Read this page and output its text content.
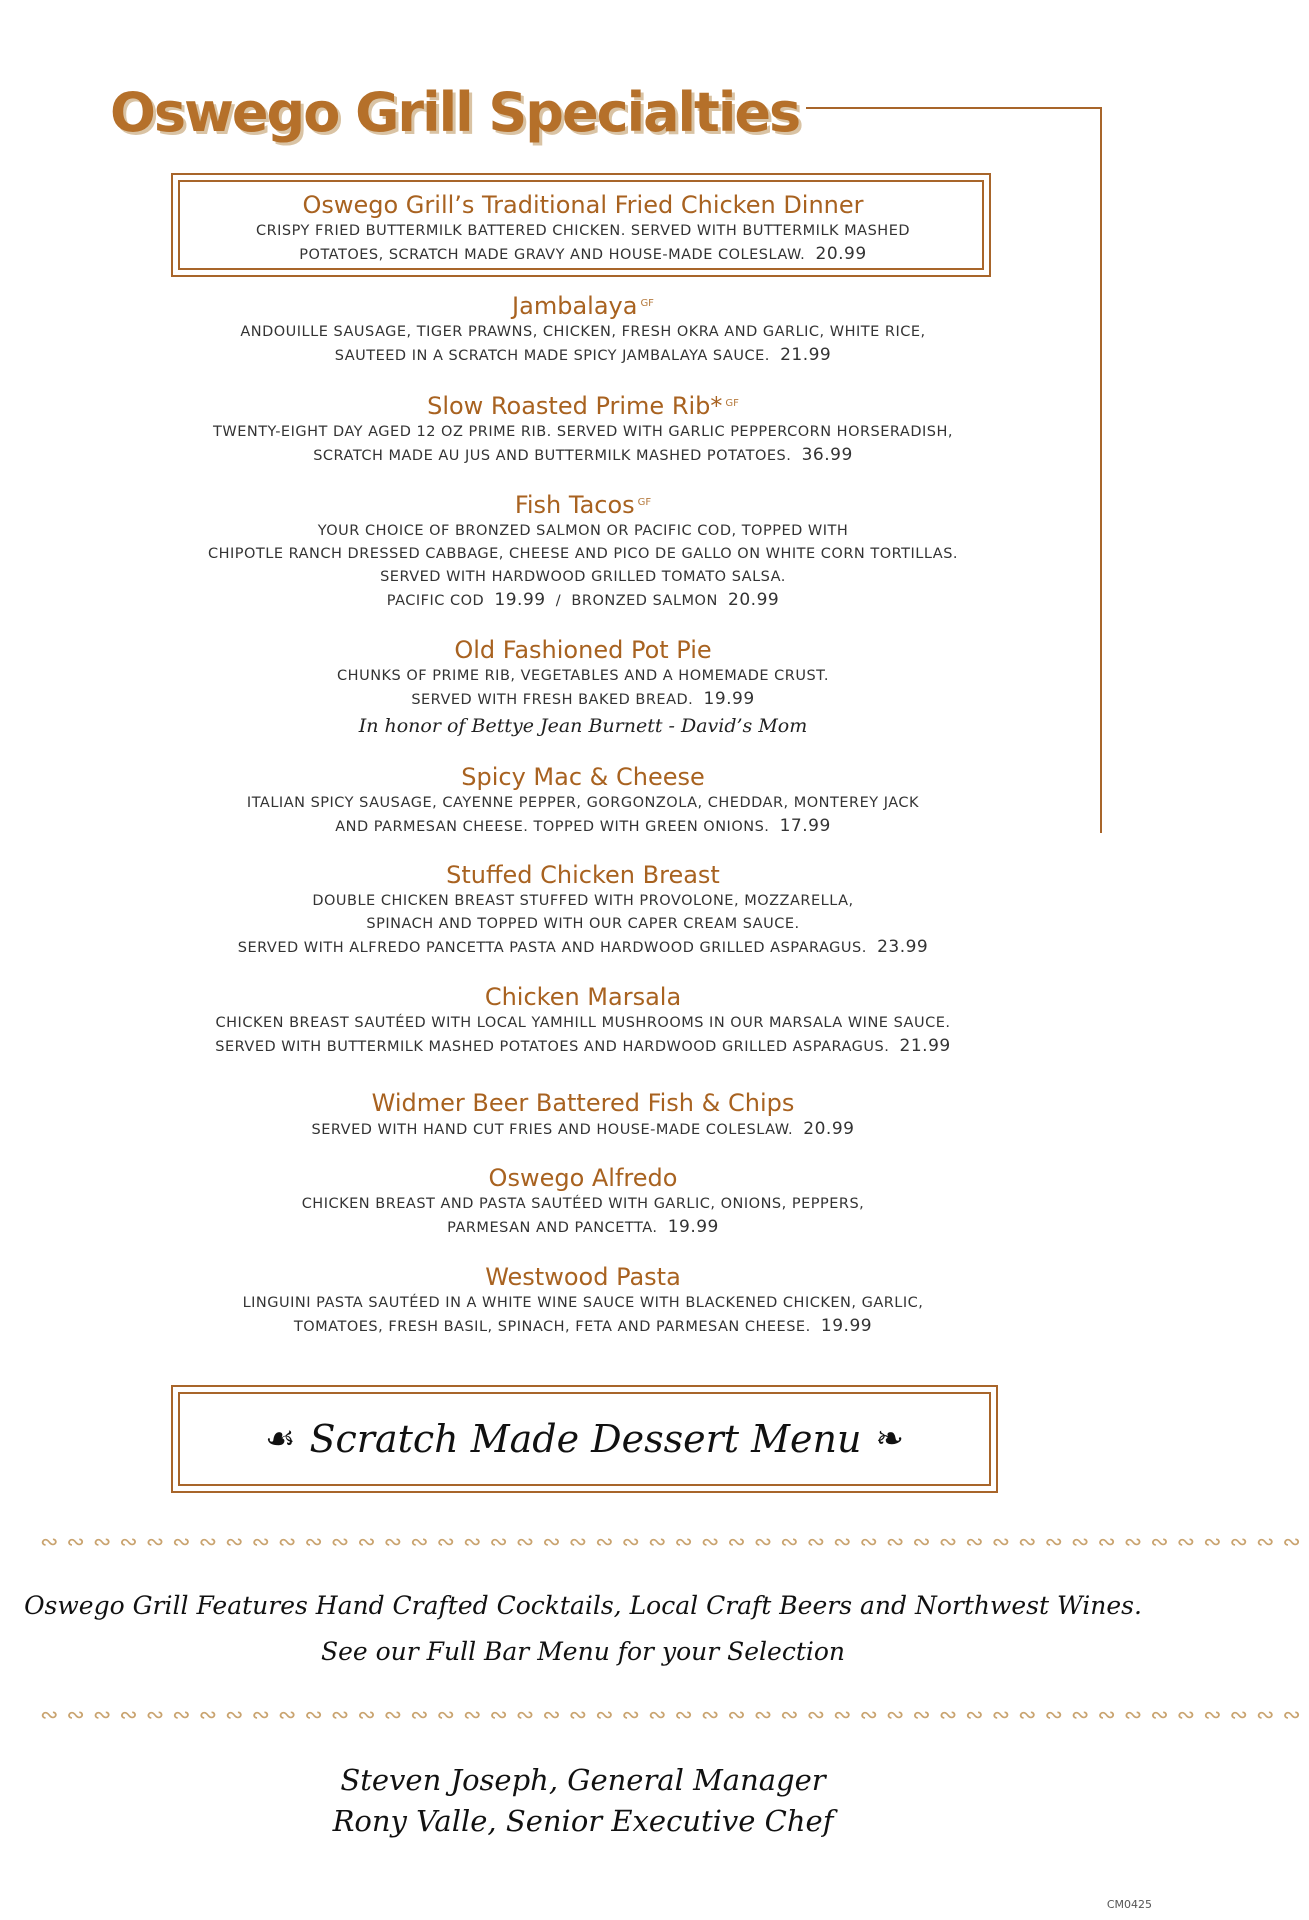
Oswego Grill Specialties
Oswego Grill’s Traditional Fried Chicken Dinner
CRISPY FRIED BUTTERMILK BATTERED CHICKEN. SERVED WITH BUTTERMILK MASHED
POTATOES, SCRATCH MADE GRAVY AND HOUSE-MADE COLESLAW. 20.99
Jambalaya $^{GF}$
ANDOUILLE SAUSAGE, TIGER PRAWNS, CHICKEN, FRESH OKRA AND GARLIC, WHITE RICE,
SAUTEED IN A SCRATCH MADE SPICY JAMBALAYA SAUCE. 21.99
Slow Roasted Prime Rib* $^{GF}$
TWENTY-EIGHT DAY AGED 12 OZ PRIME RIB. SERVED WITH GARLIC PEPPERCORN HORSERADISH,
SCRATCH MADE AU JUS AND BUTTERMILK MASHED POTATOES. 36.99
Fish Tacos $^{GF}$
YOUR CHOICE OF BRONZED SALMON OR PACIFIC COD, TOPPED WITH
CHIPOTLE RANCH DRESSED CABBAGE, CHEESE AND PICO DE GALLO ON WHITE CORN TORTILLAS.
SERVED WITH HARDWOOD GRILLED TOMATO SALSA.
PACIFIC COD 19.99  /  BRONZED SALMON 20.99
Old Fashioned Pot Pie
CHUNKS OF PRIME RIB, VEGETABLES AND A HOMEMADE CRUST.
SERVED WITH FRESH BAKED BREAD. 19.99
In honor of Bettye Jean Burnett - David’s Mom
Spicy Mac & Cheese
ITALIAN SPICY SAUSAGE, CAYENNE PEPPER, GORGONZOLA, CHEDDAR, MONTEREY JACK
AND PARMESAN CHEESE. TOPPED WITH GREEN ONIONS. 17.99
Stuffed Chicken Breast
DOUBLE CHICKEN BREAST STUFFED WITH PROVOLONE, MOZZARELLA,
SPINACH AND TOPPED WITH OUR CAPER CREAM SAUCE.
SERVED WITH ALFREDO PANCETTA PASTA AND HARDWOOD GRILLED ASPARAGUS. 23.99
Chicken Marsala
CHICKEN BREAST SAUTÉED WITH LOCAL YAMHILL MUSHROOMS IN OUR MARSALA WINE SAUCE.
SERVED WITH BUTTERMILK MASHED POTATOES AND HARDWOOD GRILLED ASPARAGUS. 21.99
Widmer Beer Battered Fish & Chips
SERVED WITH HAND CUT FRIES AND HOUSE-MADE COLESLAW. 20.99
Oswego Alfredo
CHICKEN BREAST AND PASTA SAUTÉED WITH GARLIC, ONIONS, PEPPERS,
PARMESAN AND PANCETTA. 19.99
Westwood Pasta
LINGUINI PASTA SAUTÉED IN A WHITE WINE SAUCE WITH BLACKENED CHICKEN, GARLIC,
TOMATOES, FRESH BASIL, SPINACH, FETA AND PARMESAN CHEESE. 19.99
☙ Scratch Made Dessert Menu ❧
∾∾∾∾∾∾∾∾∾∾∾∾∾∾∾∾∾∾∾∾∾∾∾∾∾∾∾∾∾∾∾∾∾∾∾∾∾∾∾∾∾∾∾∾∾∾∾∾
Oswego Grill Features Hand Crafted Cocktails, Local Craft Beers and Northwest Wines.
See our Full Bar Menu for your Selection
∾∾∾∾∾∾∾∾∾∾∾∾∾∾∾∾∾∾∾∾∾∾∾∾∾∾∾∾∾∾∾∾∾∾∾∾∾∾∾∾∾∾∾∾∾∾∾∾
Steven Joseph, General Manager
Rony Valle, Senior Executive Chef
CM0425
